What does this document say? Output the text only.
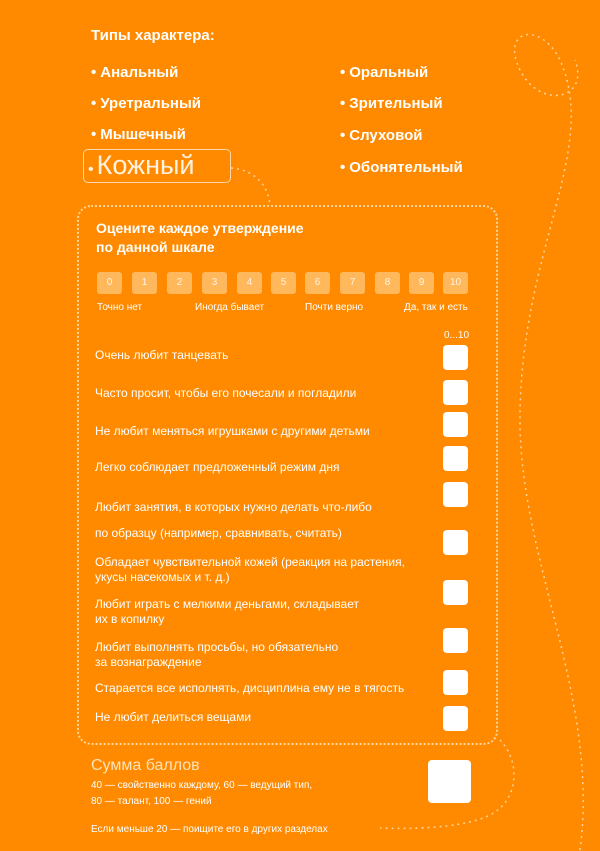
Типы характера:
• Анальный
• Уретральный
• Мышечный
• Оральный
• Зрительный
• Слуховой
• Обонятельный
• Кожный
Оцените каждое утверждение
по данной шкале
0	1	2	3	4	5	6	7	8	9	10
Точно нет	Иногда бывает	Почти верно	Да, так и есть
0...10
Очень любит танцевать
Часто просит, чтобы его почесали и погладили
Не любит меняться игрушками с другими детьми
Легко соблюдает предложенный режим дня
Любит занятия, в которых нужно делать что-либо
по образцу (например, сравнивать, считать)
Обладает чувствительной кожей (реакция на растения,
укусы насекомых и т. д.)
Любит играть с мелкими деньгами, складывает
их в копилку
Любит выполнять просьбы, но обязательно
за вознаграждение
Старается все исполнять, дисциплина ему не в тягость
Не любит делиться вещами
Сумма баллов
40 — свойственно каждому, 60 — ведущий тип,
80 — талант, 100 — гений
Если меньше 20 — поищите его в других разделах
